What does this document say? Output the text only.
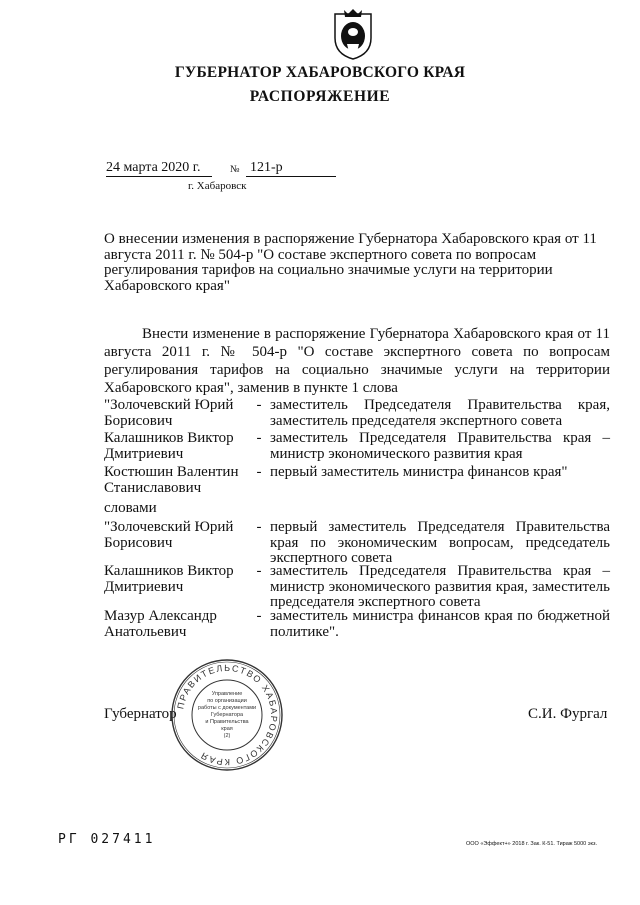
ГУБЕРНАТОР ХАБАРОВСКОГО КРАЯ
РАСПОРЯЖЕНИЕ
24 марта 2020 г.	№ 121-р
г. Хабаровск
О внесении изменения в распоряжение Губернатора Хабаровского края от 11 августа 2011 г. № 504-р "О составе экспертного совета по вопросам регулирования тарифов на социально значимые услуги на территории Хабаровского края"
Внести изменение в распоряжение Губернатора Хабаровского края от 11 августа 2011 г. № 504-р "О составе экспертного совета по вопросам регулирования тарифов на социально значимые услуги на территории Хабаровского края", заменив в пункте 1 слова
"Золочевский Юрий Борисович
- заместитель Председателя Правительства края, заместитель председателя экспертного совета
Калашников Виктор Дмитриевич
- заместитель Председателя Правительства края – министр экономического развития края
Костюшин Валентин Станиславович
- первый заместитель министра финансов края"
словами
"Золочевский Юрий Борисович
- первый заместитель Председателя Правительства края по экономическим вопросам, председатель экспертного совета
Калашников Виктор Дмитриевич
- заместитель Председателя Правительства края – министр экономического развития края, заместитель председателя экспертного совета
Мазур Александр Анатольевич
- заместитель министра финансов края по бюджетной политике".
Губернатор	С.И. Фургал
ПРАВИТЕЛЬСТВО ХАБАРОВСКОГО КРАЯ
Управление
по организации
работы с документами
Губернатора
и Правительства
края
(2)
РГ 027411	ООО «Эффект+» 2018 г. Зак. К-51. Тираж 5000 экз.
